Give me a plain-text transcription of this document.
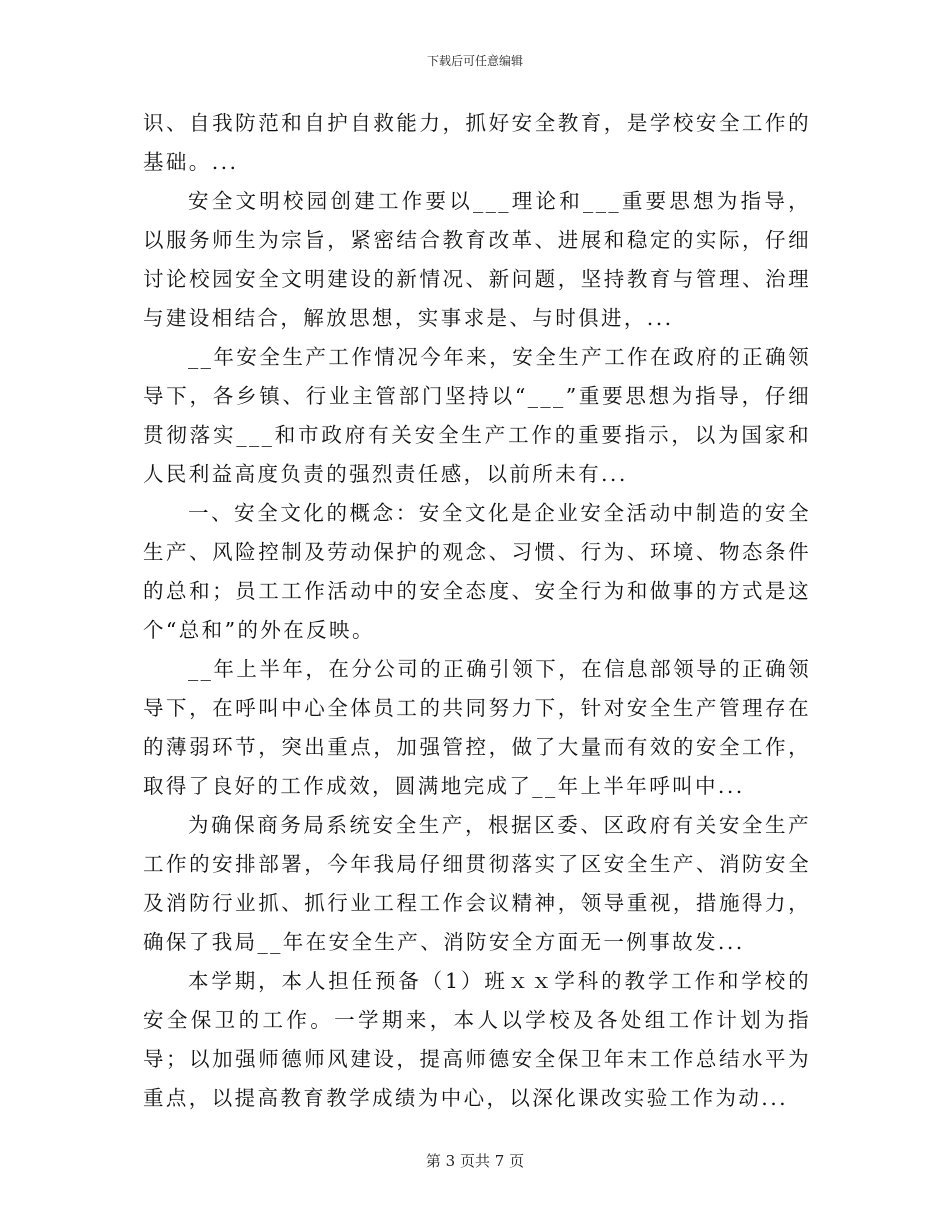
下载后可任意编辑

识、自我防范和自护自救能力，抓好安全教育，是学校安全工作的基础。...

安全文明校园创建工作要以___理论和___重要思想为指导，以服务师生为宗旨，紧密结合教育改革、进展和稳定的实际，仔细讨论校园安全文明建设的新情况、新问题，坚持教育与管理、治理与建设相结合，解放思想，实事求是、与时俱进，...

__年安全生产工作情况今年来，安全生产工作在政府的正确领导下，各乡镇、行业主管部门坚持以“___”重要思想为指导，仔细贯彻落实___和市政府有关安全生产工作的重要指示，以为国家和人民利益高度负责的强烈责任感，以前所未有...

一、安全文化的概念：安全文化是企业安全活动中制造的安全生产、风险控制及劳动保护的观念、习惯、行为、环境、物态条件的总和；员工工作活动中的安全态度、安全行为和做事的方式是这个“总和”的外在反映。

__年上半年，在分公司的正确引领下，在信息部领导的正确领导下，在呼叫中心全体员工的共同努力下，针对安全生产管理存在的薄弱环节，突出重点，加强管控，做了大量而有效的安全工作，取得了良好的工作成效，圆满地完成了__年上半年呼叫中...

为确保商务局系统安全生产，根据区委、区政府有关安全生产工作的安排部署，今年我局仔细贯彻落实了区安全生产、消防安全及消防行业抓、抓行业工程工作会议精神，领导重视，措施得力，确保了我局__年在安全生产、消防安全方面无一例事故发...

本学期，本人担任预备（1）班ｘｘ学科的教学工作和学校的安全保卫的工作。一学期来，本人以学校及各处组工作计划为指导；以加强师德师风建设，提高师德安全保卫年末工作总结水平为重点，以提高教育教学成绩为中心，以深化课改实验工作为动...

第 3 页共 7 页
